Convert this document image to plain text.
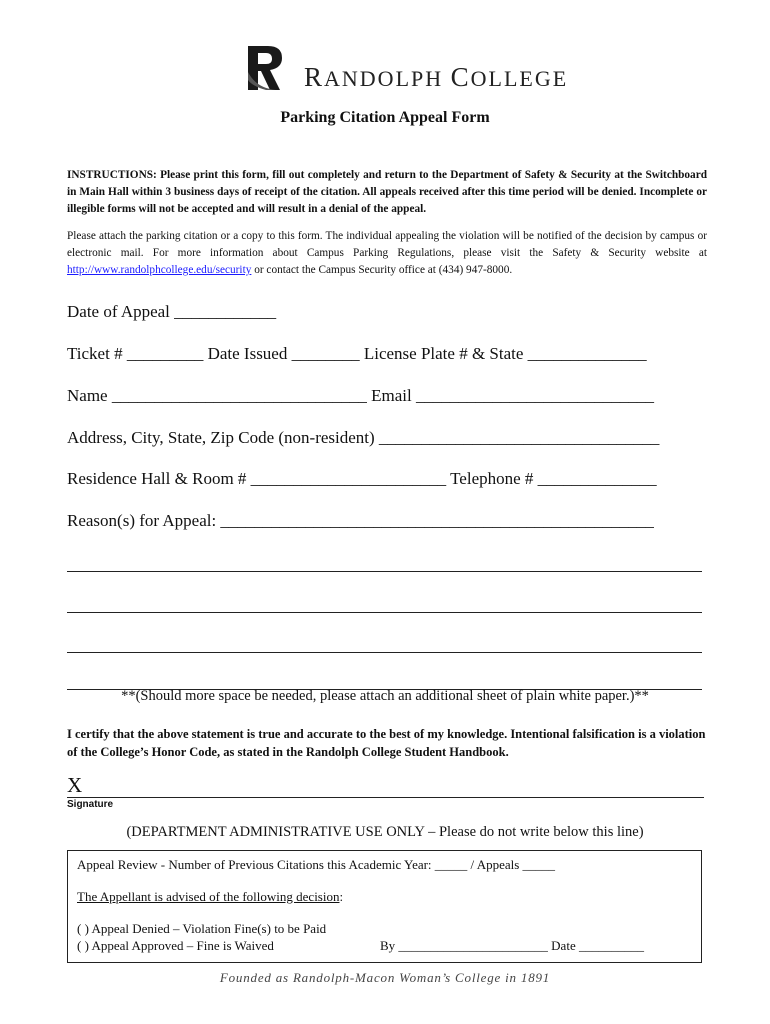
RANDOLPH COLLEGE
Parking Citation Appeal Form
INSTRUCTIONS: Please print this form, fill out completely and return to the Department of Safety & Security at the Switchboard in Main Hall within 3 business days of receipt of the citation. All appeals received after this time period will be denied. Incomplete or illegible forms will not be accepted and will result in a denial of the appeal.
Please attach the parking citation or a copy to this form. The individual appealing the violation will be notified of the decision by campus or electronic mail. For more information about Campus Parking Regulations, please visit the Safety & Security website at http://www.randolphcollege.edu/security or contact the Campus Security office at (434) 947-8000.
Date of Appeal ____________
Ticket # _________ Date Issued ________ License Plate # & State ______________
Name ______________________________ Email ____________________________
Address, City, State, Zip Code (non-resident) _________________________________
Residence Hall & Room # _______________________ Telephone # ______________
Reason(s) for Appeal: ___________________________________________________
**(Should more space be needed, please attach an additional sheet of plain white paper.)**
I certify that the above statement is true and accurate to the best of my knowledge. Intentional falsification is a violation of the College’s Honor Code, as stated in the Randolph College Student Handbook.
X
Signature
(DEPARTMENT ADMINISTRATIVE USE ONLY – Please do not write below this line)
Appeal Review - Number of Previous Citations this Academic Year: _____ / Appeals _____
The Appellant is advised of the following decision:
( ) Appeal Denied – Violation Fine(s) to be Paid
( ) Appeal Approved – Fine is Waived	By _______________________ Date __________
Founded as Randolph-Macon Woman’s College in 1891
